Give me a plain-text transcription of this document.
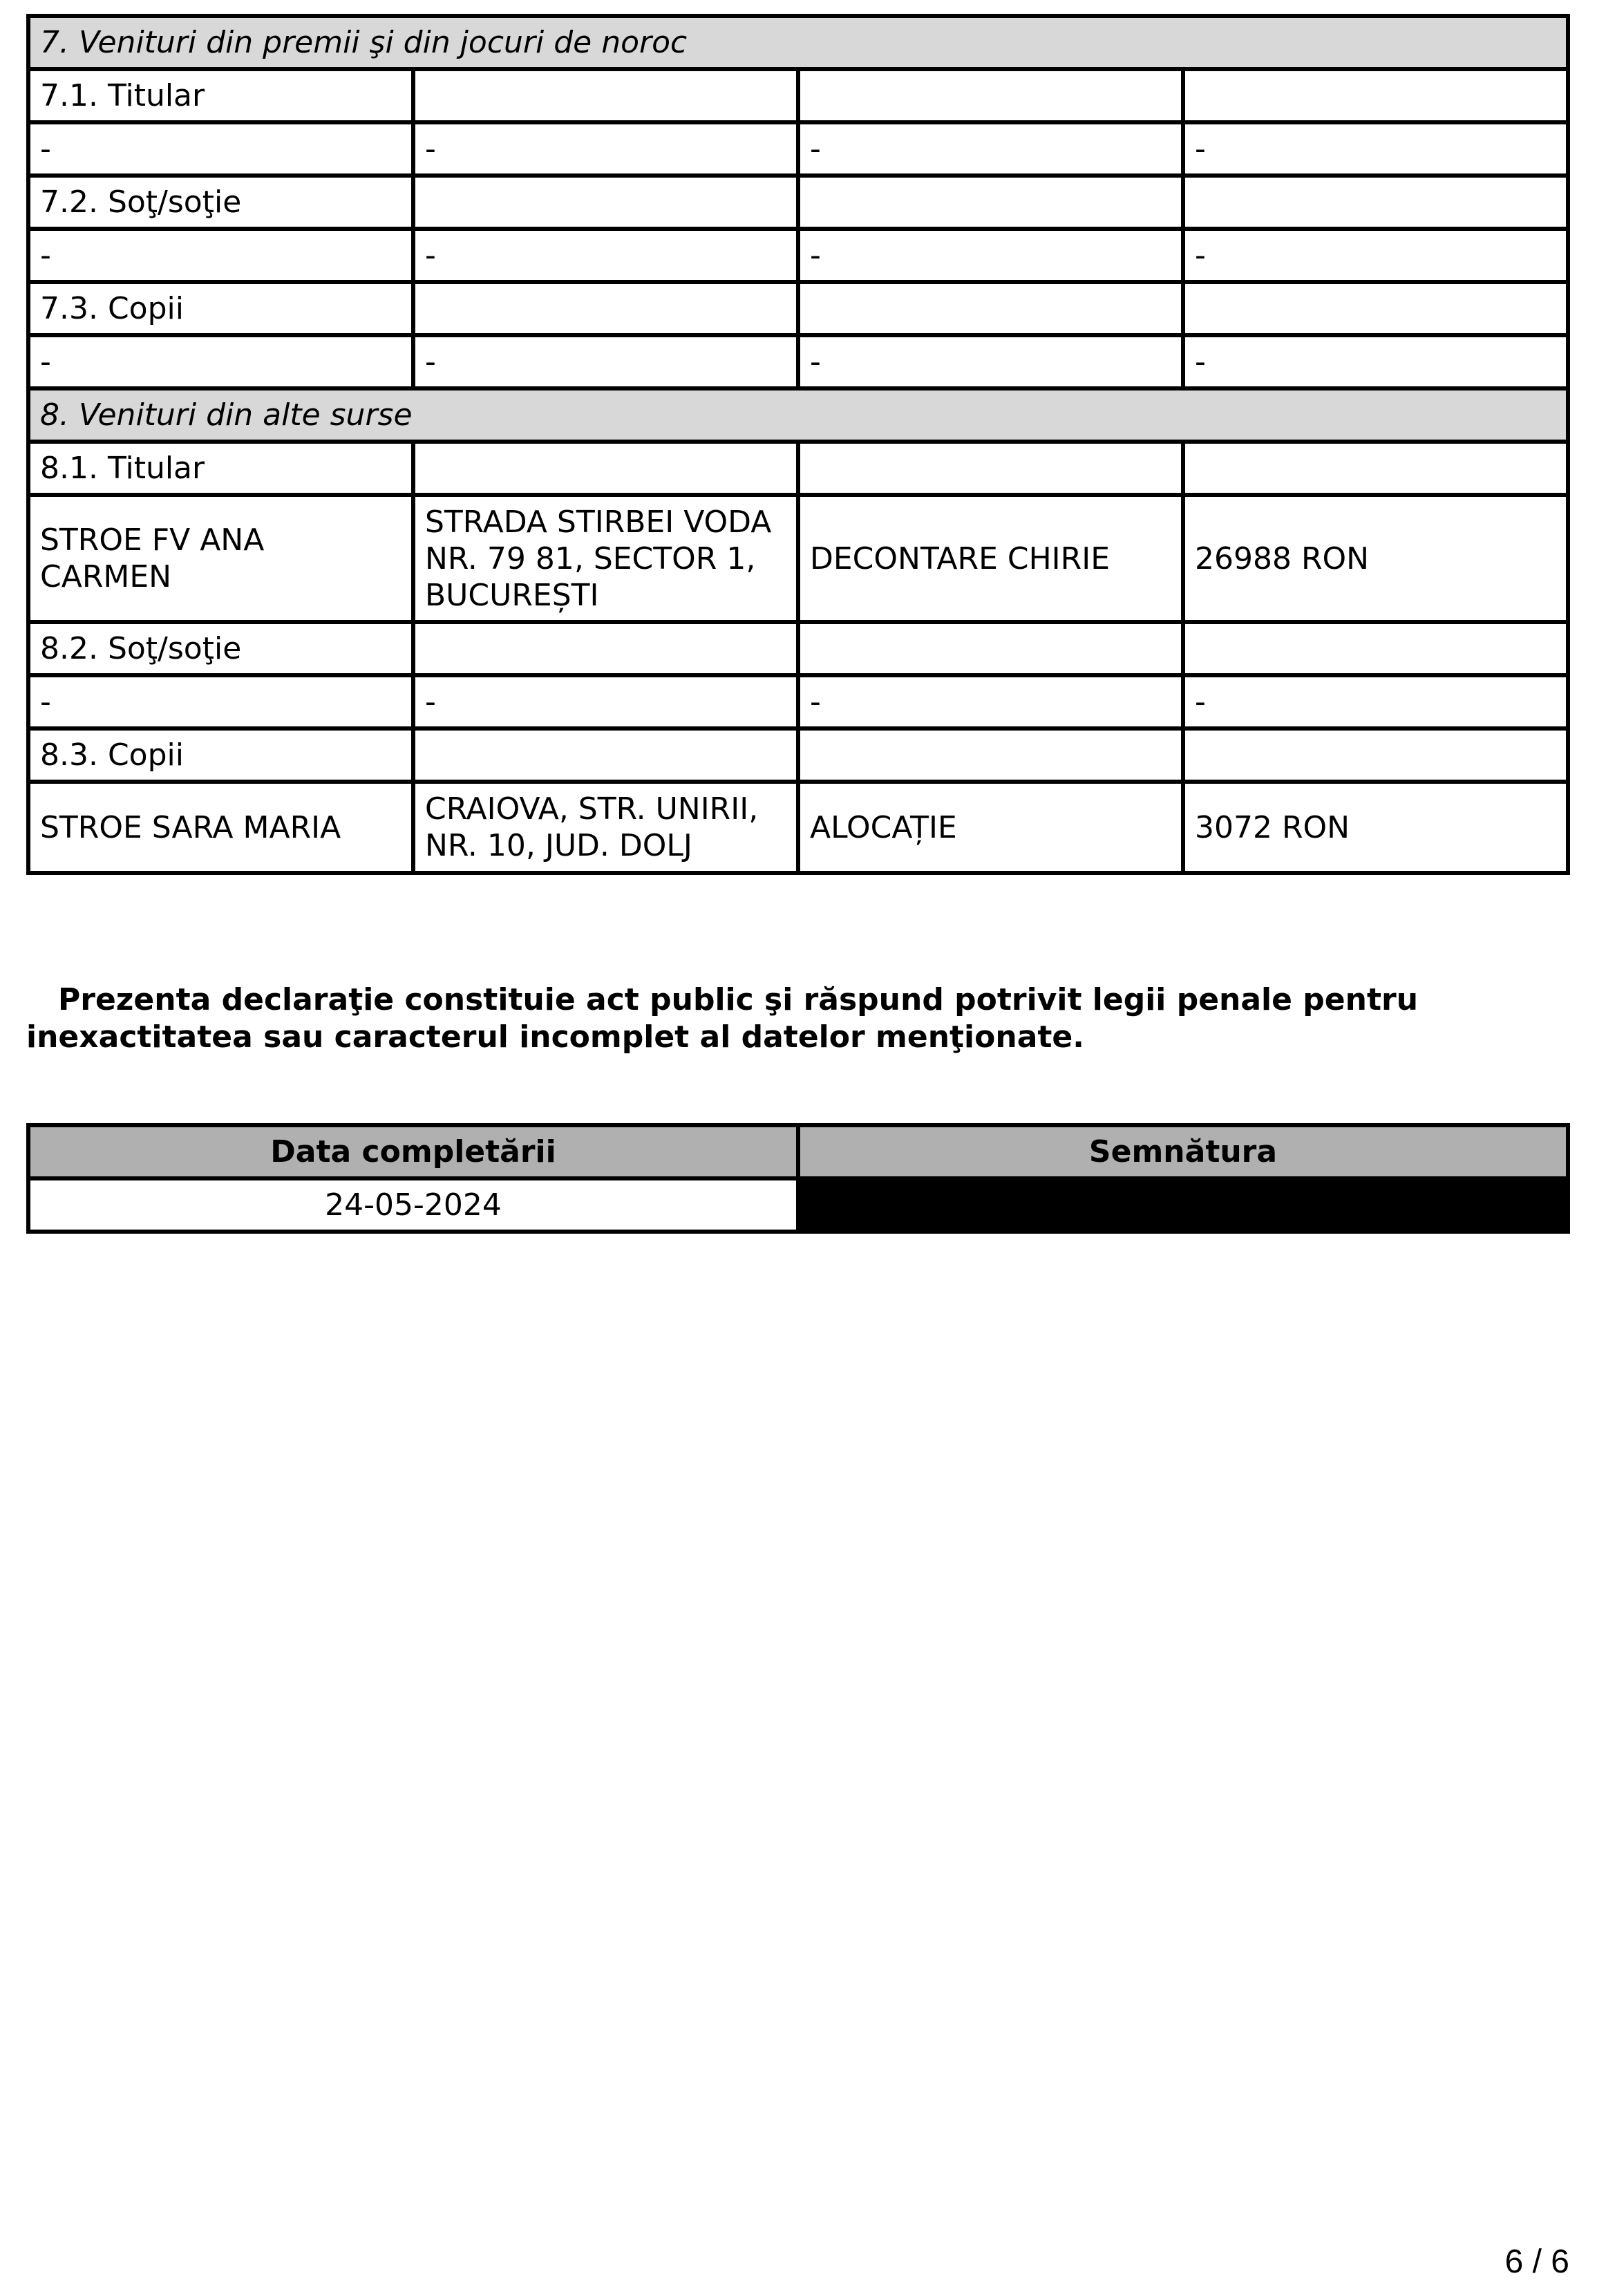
7. Venituri din premii şi din jocuri de noroc			
7.1. Titular			
-	-	-	-
7.2. Soţ/soţie			
-	-	-	-
7.3. Copii			
-	-	-	-
8. Venituri din alte surse			
8.1. Titular			
STROE FV ANA CARMEN	STRADA STIRBEI VODA NR. 79 81, SECTOR 1, BUCUREȘTI	DECONTARE CHIRIE	26988 RON
8.2. Soţ/soţie			
-	-	-	-
8.3. Copii			
STROE SARA MARIA	CRAIOVA, STR. UNIRII, NR. 10, JUD. DOLJ	ALOCAȚIE	3072 RON

Prezenta declaraţie constituie act public şi răspund potrivit legii penale pentru inexactitatea sau caracterul incomplet al datelor menţionate.

Data completării	Semnătura
24-05-2024	
6 / 6
